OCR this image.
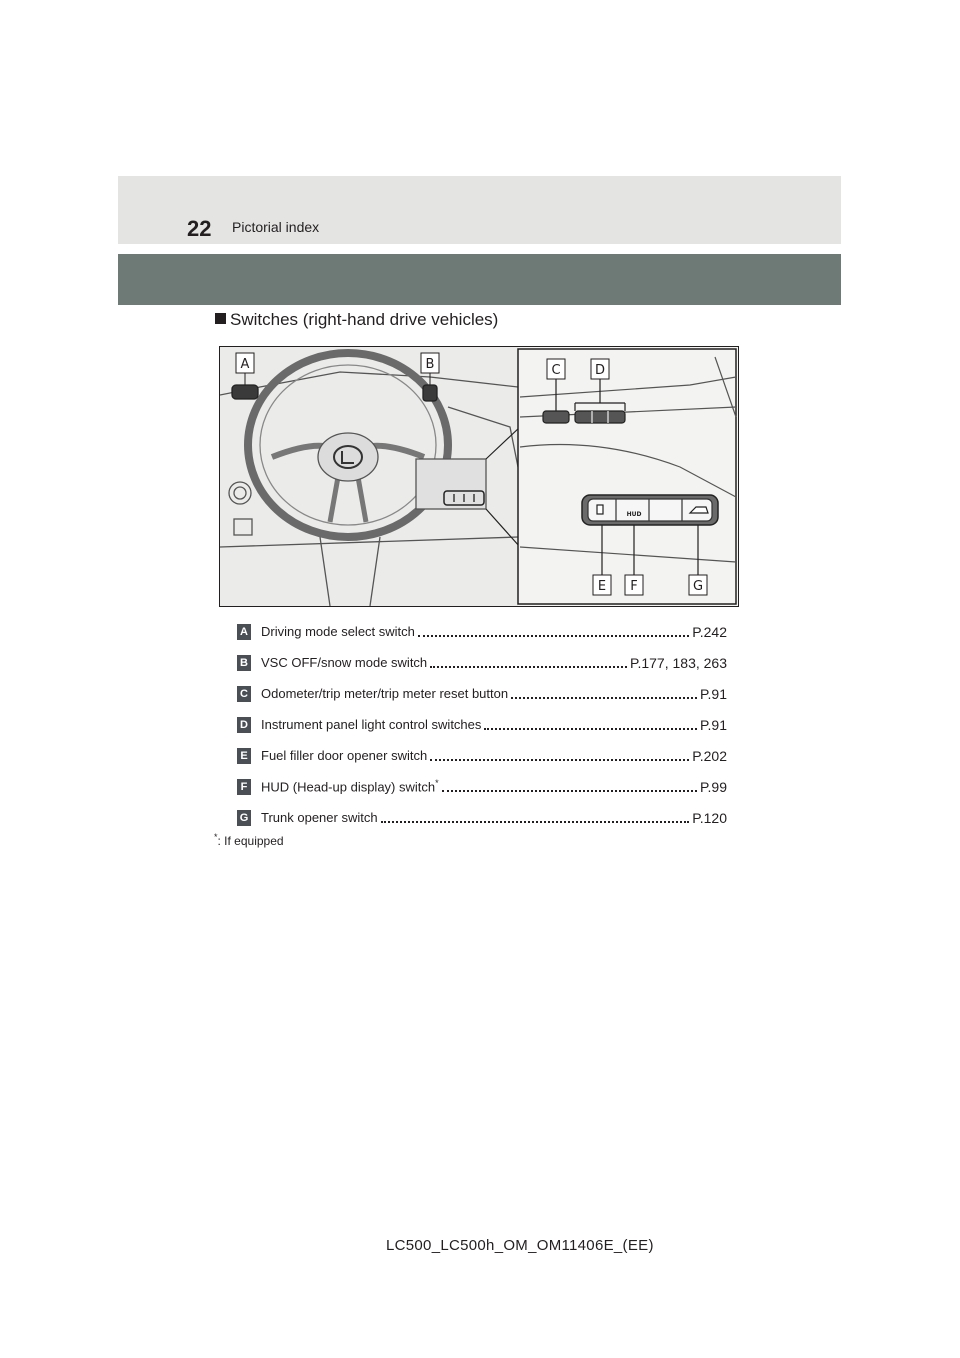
22 Pictorial index
Switches (right-hand drive vehicles)
HUD
A	B	C	D
E F	G
A Driving mode select switch	P.242
B VSC OFF/snow mode switch	P.177, 183, 263
C Odometer/trip meter/trip meter reset button	P.91
D Instrument panel light control switches	P.91
E Fuel filler door opener switch	P.202
F HUD (Head-up display) switch*	P.99
G Trunk opener switch	P.120
*: If equipped
LC500_LC500h_OM_OM11406E_(EE)
